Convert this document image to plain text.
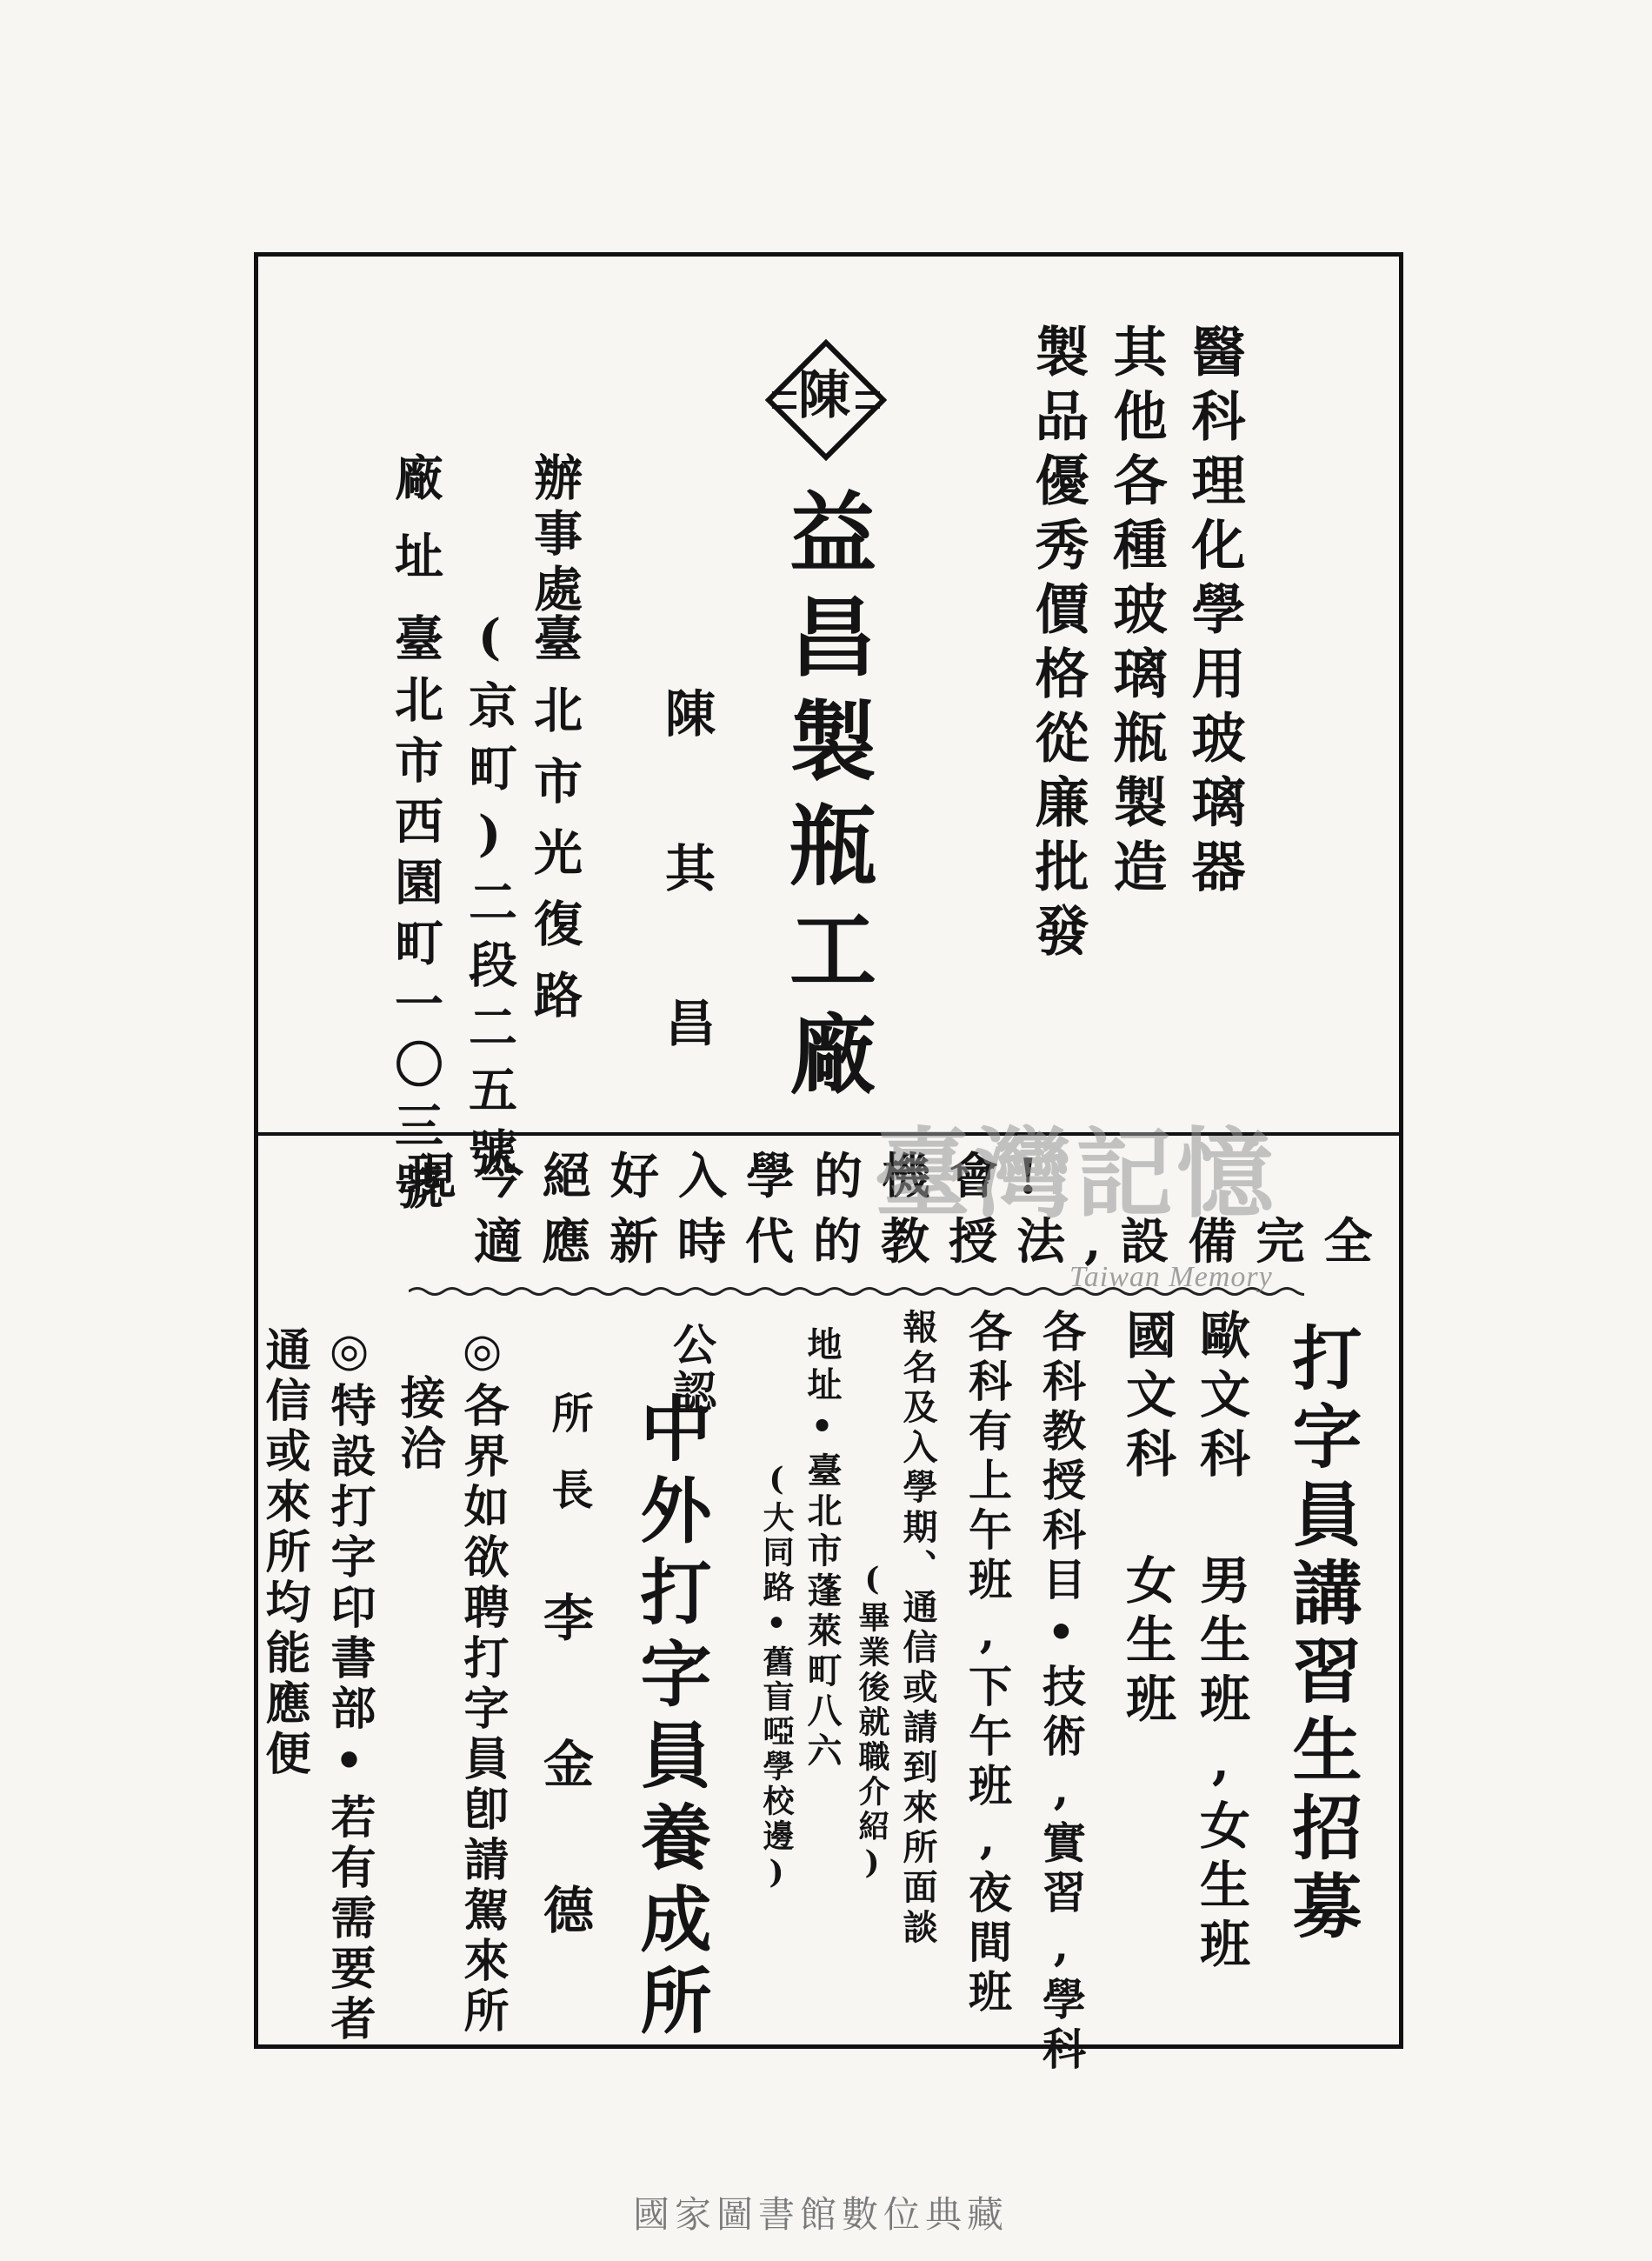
醫科理化學用玻璃器
其他各種玻璃瓶製造
製品優秀價格從廉批發
陳
益昌製瓶工廠
陳其昌
辦事處
臺北市光復路
(京町)二段二五號
廠址
臺北市西園町一〇三號
現今絕好入學的機會!
適應新時代的教授法,設備完全
打字員講習生招募
歐文科 男生班,女生班
國文科 女生班
各科教授科目•技術,實習,學科
各科有上午班,下午班,夜間班
報名及入學期、通信或請到來所面談
(畢業後就職介紹)
地址•臺北市蓬萊町八六
(大同路•舊盲啞學校邊)
公認
中外打字員養成所
所長
李金德
◎各界如欲聘打字員卽請駕來所
接洽
◎特設打字印書部•若有需要者
通信或來所均能應便
臺灣記憶
Taiwan Memory
國家圖書館數位典藏
